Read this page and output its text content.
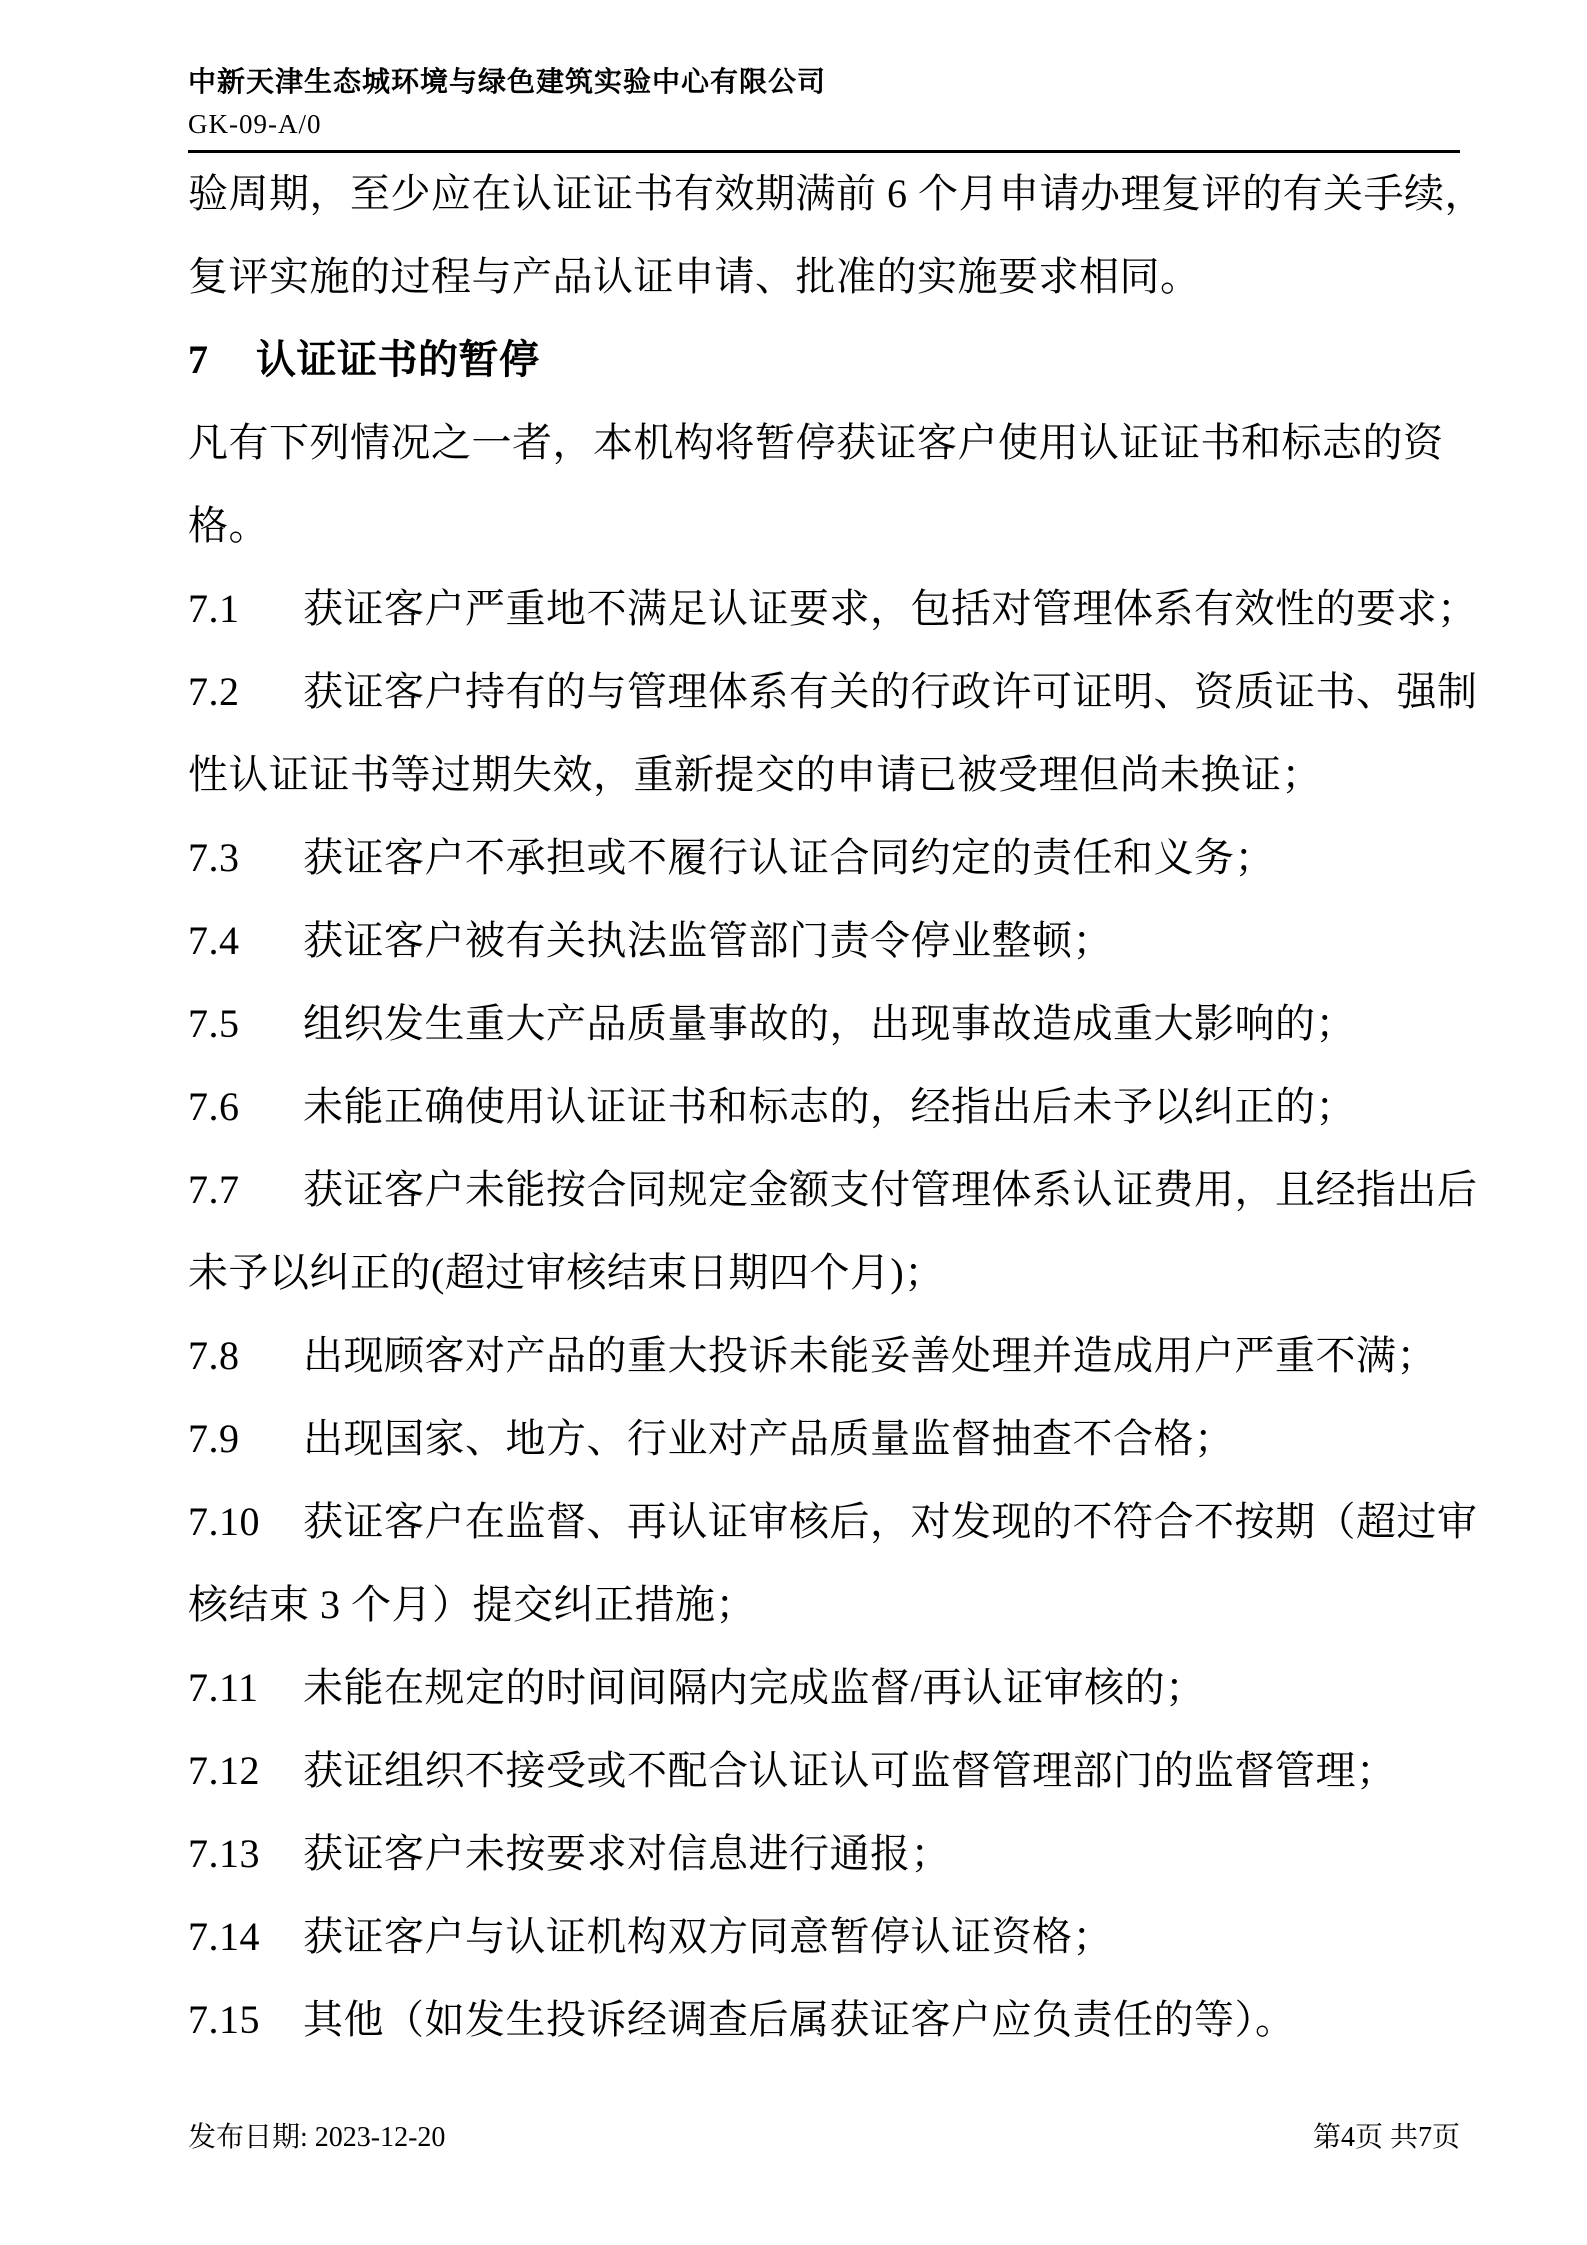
中新天津生态城环境与绿色建筑实验中心有限公司
GK-09-A/0
验周期，至少应在认证证书有效期满前 6 个月申请办理复评的有关手续，
复评实施的过程与产品认证申请、批准的实施要求相同。
7 认证证书的暂停
凡有下列情况之一者，本机构将暂停获证客户使用认证证书和标志的资
格。
7.1 获证客户严重地不满足认证要求，包括对管理体系有效性的要求；
7.2 获证客户持有的与管理体系有关的行政许可证明、资质证书、强制
性认证证书等过期失效，重新提交的申请已被受理但尚未换证；
7.3 获证客户不承担或不履行认证合同约定的责任和义务；
7.4 获证客户被有关执法监管部门责令停业整顿；
7.5 组织发生重大产品质量事故的，出现事故造成重大影响的；
7.6 未能正确使用认证证书和标志的，经指出后未予以纠正的；
7.7 获证客户未能按合同规定金额支付管理体系认证费用，且经指出后
未予以纠正的(超过审核结束日期四个月)；
7.8 出现顾客对产品的重大投诉未能妥善处理并造成用户严重不满；
7.9 出现国家、地方、行业对产品质量监督抽查不合格；
7.10 获证客户在监督、再认证审核后，对发现的不符合不按期（超过审
核结束 3 个月）提交纠正措施；
7.11 未能在规定的时间间隔内完成监督/再认证审核的；
7.12 获证组织不接受或不配合认证认可监督管理部门的监督管理；
7.13 获证客户未按要求对信息进行通报；
7.14 获证客户与认证机构双方同意暂停认证资格；
7.15 其他（如发生投诉经调查后属获证客户应负责任的等）。
发布日期: 2023-12-20	第4页 共7页
